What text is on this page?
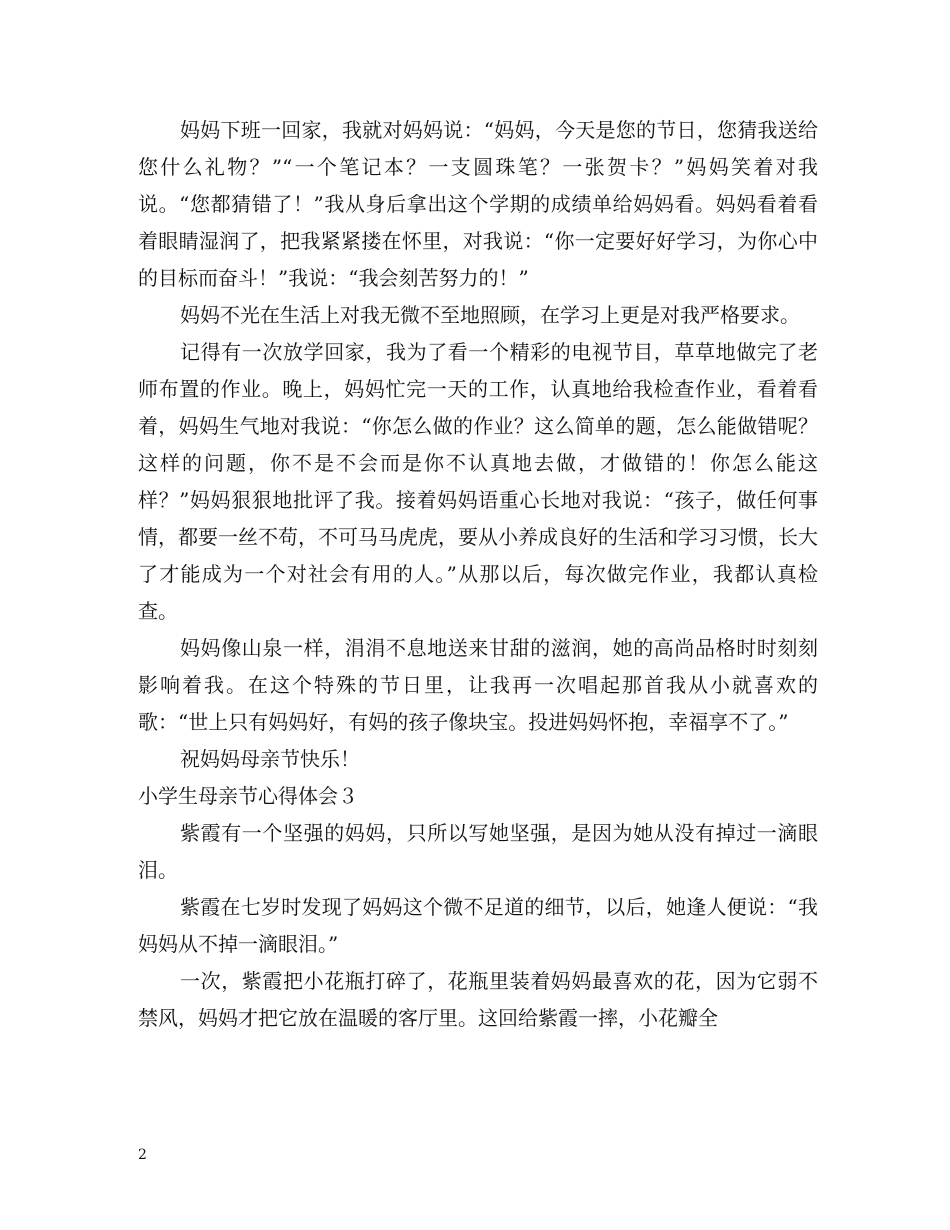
妈妈下班一回家，我就对妈妈说：“妈妈，今天是您的节日，您猜我送给您什么礼物？”“一个笔记本？一支圆珠笔？一张贺卡？”妈妈笑着对我说。“您都猜错了！”我从身后拿出这个学期的成绩单给妈妈看。妈妈看着看着眼睛湿润了，把我紧紧搂在怀里，对我说：“你一定要好好学习，为你心中的目标而奋斗！”我说：“我会刻苦努力的！”

妈妈不光在生活上对我无微不至地照顾，在学习上更是对我严格要求。

记得有一次放学回家，我为了看一个精彩的电视节目，草草地做完了老师布置的作业。晚上，妈妈忙完一天的工作，认真地给我检查作业，看着看着，妈妈生气地对我说：“你怎么做的作业？这么简单的题，怎么能做错呢？这样的问题，你不是不会而是你不认真地去做，才做错的！你怎么能这样？”妈妈狠狠地批评了我。接着妈妈语重心长地对我说：“孩子，做任何事情，都要一丝不苟，不可马马虎虎，要从小养成良好的生活和学习习惯，长大了才能成为一个对社会有用的人。”从那以后，每次做完作业，我都认真检查。

妈妈像山泉一样，涓涓不息地送来甘甜的滋润，她的高尚品格时时刻刻影响着我。在这个特殊的节日里，让我再一次唱起那首我从小就喜欢的歌：“世上只有妈妈好，有妈的孩子像块宝。投进妈妈怀抱，幸福享不了。”

祝妈妈母亲节快乐！

小学生母亲节心得体会３

紫霞有一个坚强的妈妈，只所以写她坚强，是因为她从没有掉过一滴眼泪。

紫霞在七岁时发现了妈妈这个微不足道的细节，以后，她逢人便说：“我妈妈从不掉一滴眼泪。”

一次，紫霞把小花瓶打碎了，花瓶里装着妈妈最喜欢的花，因为它弱不禁风，妈妈才把它放在温暖的客厅里。这回给紫霞一摔，小花瓣全

2
